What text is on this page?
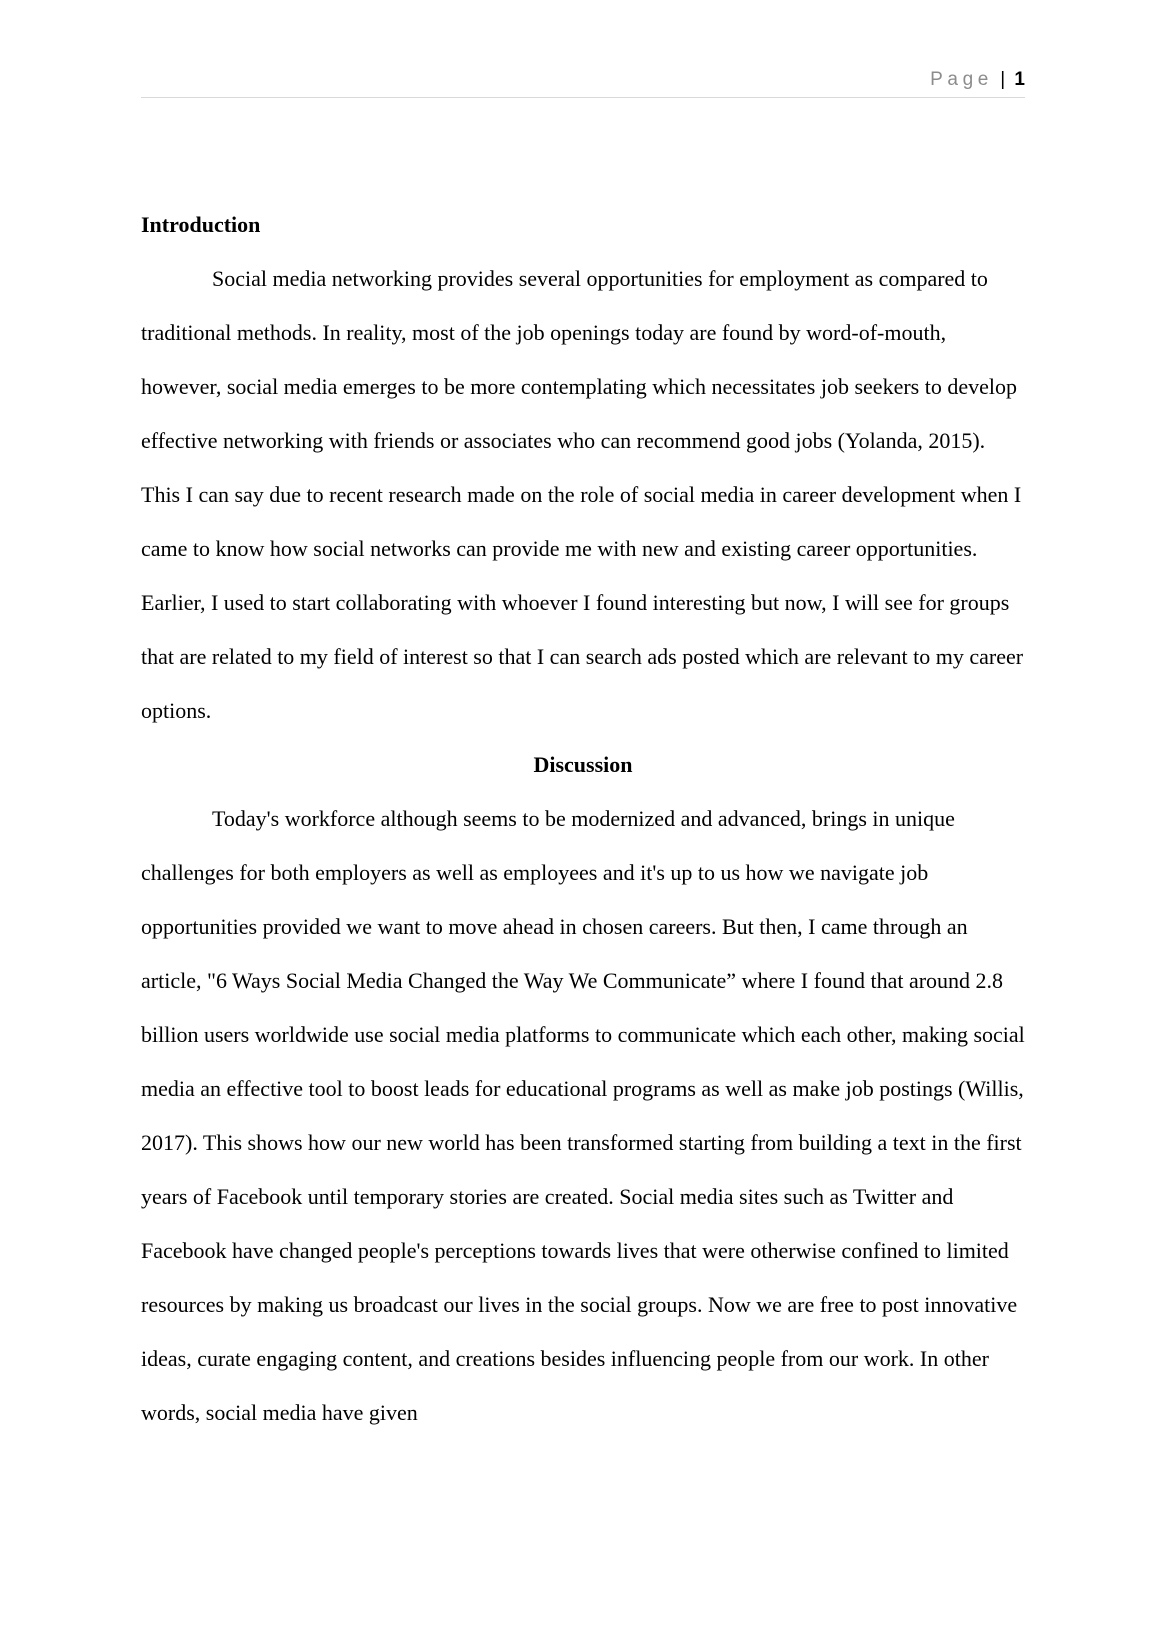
Page | 1
Introduction

Social media networking provides several opportunities for employment as compared to traditional methods. In reality, most of the job openings today are found by word-of-mouth, however, social media emerges to be more contemplating which necessitates job seekers to develop effective networking with friends or associates who can recommend good jobs (Yolanda, 2015). This I can say due to recent research made on the role of social media in career development when I came to know how social networks can provide me with new and existing career opportunities. Earlier, I used to start collaborating with whoever I found interesting but now, I will see for groups that are related to my field of interest so that I can search ads posted which are relevant to my career options.

Discussion

Today's workforce although seems to be modernized and advanced, brings in unique challenges for both employers as well as employees and it's up to us how we navigate job opportunities provided we want to move ahead in chosen careers. But then, I came through an article, "6 Ways Social Media Changed the Way We Communicate” where I found that around 2.8 billion users worldwide use social media platforms to communicate which each other, making social media an effective tool to boost leads for educational programs as well as make job postings (Willis, 2017). This shows how our new world has been transformed starting from building a text in the first years of Facebook until temporary stories are created. Social media sites such as Twitter and Facebook have changed people's perceptions towards lives that were otherwise confined to limited resources by making us broadcast our lives in the social groups. Now we are free to post innovative ideas, curate engaging content, and creations besides influencing people from our work. In other words, social media have given
